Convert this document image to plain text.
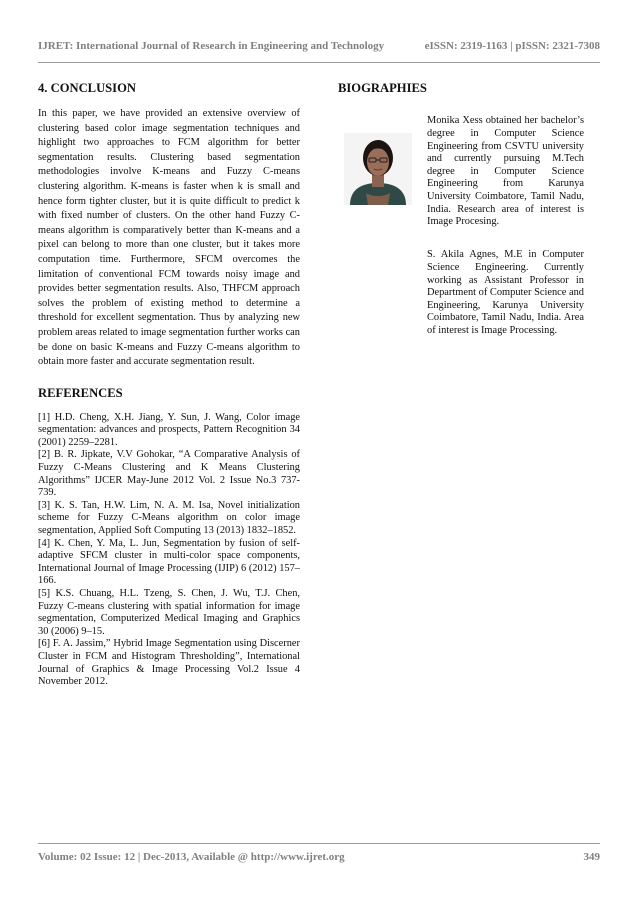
IJRET: International Journal of Research in Engineering and Technology	eISSN: 2319-1163 | pISSN: 2321-7308
4. CONCLUSION

In this paper, we have provided an extensive overview of clustering based color image segmentation techniques and highlight two approaches to FCM algorithm for better segmentation results. Clustering based segmentation methodologies involve K-means and Fuzzy C-means clustering algorithm. K-means is faster when k is small and hence form tighter cluster, but it is quite difficult to predict k with fixed number of clusters. On the other hand Fuzzy C-means algorithm is comparatively better than K-means and a pixel can belong to more than one cluster, but it takes more computation time. Furthermore, SFCM overcomes the limitation of conventional FCM towards noisy image and provides better segmentation results. Also, THFCM approach solves the problem of existing method to determine a threshold for excellent segmentation. Thus by analyzing new problem areas related to image segmentation further works can be done on basic K-means and Fuzzy C-means algorithm to obtain more faster and accurate segmentation result.

REFERENCES

[1] H.D. Cheng, X.H. Jiang, Y. Sun, J. Wang, Color image segmentation: advances and prospects, Pattern Recognition 34 (2001) 2259–2281.

[2] B. R. Jipkate, V.V Gohokar, “A Comparative Analysis of Fuzzy C-Means Clustering and K Means Clustering Algorithms” IJCER May-June 2012 Vol. 2 Issue No.3 737-739.

[3] K. S. Tan, H.W. Lim, N. A. M. Isa, Novel initialization scheme for Fuzzy C-Means algorithm on color image segmentation, Applied Soft Computing 13 (2013) 1832–1852.

[4] K. Chen, Y. Ma, L. Jun, Segmentation by fusion of self-adaptive SFCM cluster in multi-color space components, International Journal of Image Processing (IJIP) 6 (2012) 157–166.

[5] K.S. Chuang, H.L. Tzeng, S. Chen, J. Wu, T.J. Chen, Fuzzy C-means clustering with spatial information for image segmentation, Computerized Medical Imaging and Graphics 30 (2006) 9–15.

[6] F. A. Jassim,” Hybrid Image Segmentation using Discerner Cluster in FCM and Histogram Thresholding”, International Journal of Graphics & Image Processing Vol.2 Issue 4 November 2012.

BIOGRAPHIES

Monika Xess obtained her bachelor’s degree in Computer Science Engineering from CSVTU university and currently pursuing M.Tech degree in Computer Science Engineering from Karunya University Coimbatore, Tamil Nadu, India. Research area of interest is Image Procesing.

S. Akila Agnes, M.E in Computer Science Engineering. Currently working as Assistant Professor in Department of Computer Science and Engineering, Karunya University Coimbatore, Tamil Nadu, India. Area of interest is Image Processing.

Volume: 02 Issue: 12 | Dec-2013, Available @ http://www.ijret.org	349
